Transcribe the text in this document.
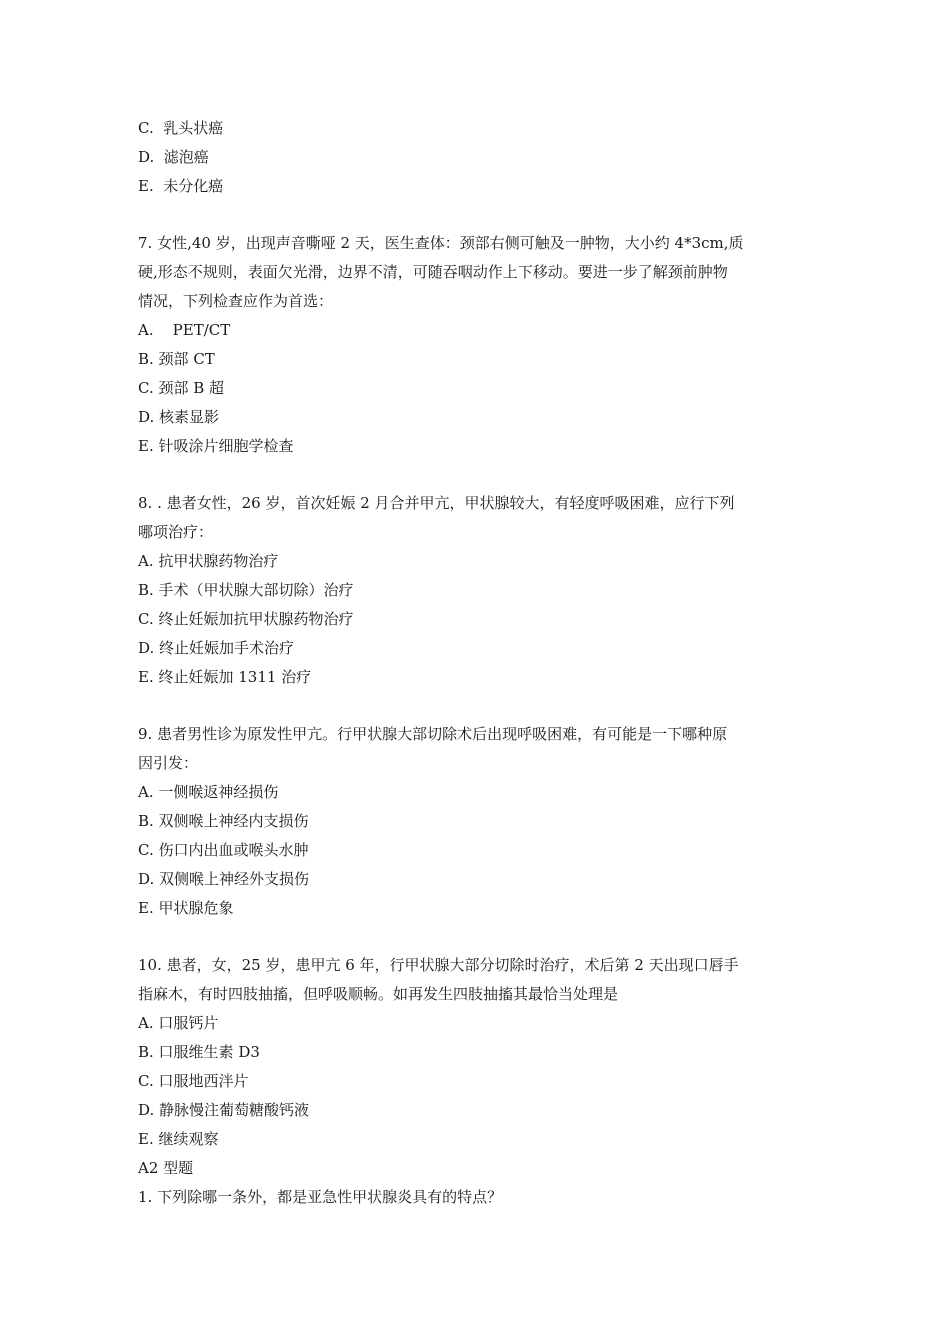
C.  乳头状癌
D.  滤泡癌
E.  未分化癌
7. 女性,40 岁，出现声音嘶哑 2 天，医生查体：颈部右侧可触及一肿物，大小约 4*3cm,质
硬,形态不规则，表面欠光滑，边界不清，可随吞咽动作上下移动。要进一步了解颈前肿物
情况，下列检查应作为首选：
A.    PET/CT
B. 颈部 CT
C. 颈部 B 超
D. 核素显影
E. 针吸涂片细胞学检查
8. . 患者女性，26 岁，首次妊娠 2 月合并甲亢，甲状腺较大，有轻度呼吸困难，应行下列
哪项治疗：
A. 抗甲状腺药物治疗
B. 手术（甲状腺大部切除）治疗
C. 终止妊娠加抗甲状腺药物治疗
D. 终止妊娠加手术治疗
E. 终止妊娠加 1311 治疗
9. 患者男性诊为原发性甲亢。行甲状腺大部切除术后出现呼吸困难，有可能是一下哪种原
因引发：
A. 一侧喉返神经损伤
B. 双侧喉上神经内支损伤
C. 伤口内出血或喉头水肿
D. 双侧喉上神经外支损伤
E. 甲状腺危象
10. 患者，女，25 岁，患甲亢 6 年，行甲状腺大部分切除时治疗，术后第 2 天出现口唇手
指麻木，有时四肢抽搐，但呼吸顺畅。如再发生四肢抽搐其最恰当处理是
A. 口服钙片
B. 口服维生素 D3
C. 口服地西泮片
D. 静脉慢注葡萄糖酸钙液
E. 继续观察
A2 型题
1. 下列除哪一条外，都是亚急性甲状腺炎具有的特点？
